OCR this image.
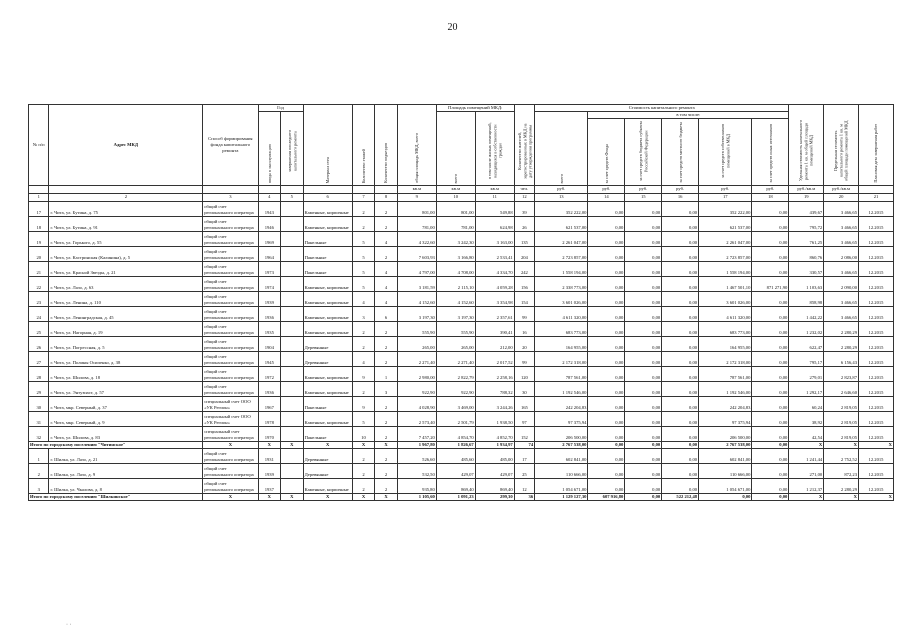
20
№ п/п	Адрес МКД	Способ формирования фонда капитального ремонта	Год		Материал стен	Количество этажей	Количество подъездов	общая площадь МКД, всего	Площадь помещений МКД:		Количество жителей, зарегистрированных в МКД на дату утверждения программы	Стоимость капитального ремонта						Удельная стоимость капитального ремонта 1 кв. м общей площади помещений МКД	Предельная стоимость капитального ремонта 1 кв. м общей площади помещений МКД	Плановая дата завершения работ
			ввода в эксплуатацию	завершения последнего капитального ремонта					всего	в том числе жилых помещений, находящихся в собственности граждан		всего	в том числе:							
													за счет средств Фонда	за счет средств бюджета субъекта Российской Федерации	за счет средств местного бюджета	за счет средств собственников помещений в МКД	за счет средств иных источников			
								кв.м	кв.м	кв.м	чел.	руб.	руб.	руб.	руб.	руб.	руб.	руб./кв.м	руб./кв.м	
1	2	3	4	5	6	7	8	9	10	11	12	13	14	15	16	17	18	19	20	21
17	г. Чита, ул. Бутина, д. 75	общий счет регионального оператора	1943		Каменные, кирпичные	2	2	801,00	801,00	549,88	39	352 222,00	0,00	0,00	0,00	352 222,00	0,00	439,67	3 466,65	12.2015
18	г. Чита, ул. Бутина, д. 91	общий счет регионального оператора	1946		Каменные, кирпичные	2	2	781,00	781,00	624,98	26	621 537,00	0,00	0,00	0,00	621 537,00	0,00	795,72	3 466,65	12.2015
19	г. Чита, ул. Горького, д. 55	общий счет регионального оператора	1969		Панельные	5	4	4 322,60	3 242,30	3 163,00	135	2 261 047,00	0,00	0,00	0,00	2 261 047,00	0,00	761,25	3 466,65	12.2015
20	г. Чита, ул. Кастринская (Калинина), д. 5	общий счет регионального оператора	1964		Панельные	5	2	7 603,93	3 166,80	2 533,41	204	2 723 857,00	0,00	0,00	0,00	2 723 857,00	0,00	860,76	2 086,00	12.2015
21	г. Чита, ул. Красной Звезды, д. 21	общий счет регионального оператора	1973		Панельные	5	4	4 797,00	4 708,00	4 334,70	242	1 558 194,00	0,00	0,00	0,00	1 558 194,00	0,00	330,57	3 466,65	12.2015
22	г. Чита, ул. Лазо, д. 63	общий счет регионального оператора	1974		Каменные, кирпичные	5	4	3 181,59	2 115,10	4 059,28	156	2 338 773,00	0,00	0,00	0,00	1 467 501,10	871 271,90	1 103,63	2 090,00	12.2015
23	г. Чита, ул. Ленина, д. 110	общий счет регионального оператора	1939		Каменные, кирпичные	4	4	4 152,60	4 152,60	3 354,98	154	3 601 026,00	0,00	0,00	0,00	3 601 026,00	0,00	858,98	3 466,65	12.2015
24	г. Чита, ул. Ленинградская, д. 45	общий счет регионального оператора	1936		Каменные, кирпичные	3	6	3 197,30	3 197,30	2 357,61	99	4 611 320,00	0,00	0,00	0,00	4 611 320,00	0,00	1 442,22	3 466,65	12.2015
25	г. Чита, ул. Нагорная, д. 19	общий счет регионального оператора	1935		Каменные, кирпичные	2	2	555,90	555,90	390,41	16	683 773,00	0,00	0,00	0,00	683 773,00	0,00	1 232,02	2 280,29	12.2015
26	г. Чита, ул. Погрессная, д. 5	общий счет регионального оператора	1904		Деревянные	2	2	265,00	265,00	212,00	20	164 955,00	0,00	0,00	0,00	164 955,00	0,00	622,47	2 280,29	12.2015
27	г. Чита, ул. Полины Осипенко, д. 38	общий счет регионального оператора	1945		Деревянные	4	2	2 271,40	2 271,40	2 017,52	99	2 172 318,00	0,00	0,00	0,00	2 172 318,00	0,00	795,17	6 156,43	12.2015
28	г. Чита, ул. Шилова, д. 18	общий счет регионального оператора	1972		Каменные, кирпичные	9	1	2 980,00	2 822,79	2 258,16	120	787 561,00	0,00	0,00	0,00	787 561,00	0,00	279,01	2 823,87	12.2015
29	г. Чита, ул. Энтузиаст, д. 57	общий счет регионального оператора	1936		Каменные, кирпичные	2	3	922,90	922,90	788,32	30	1 192 546,00	0,00	0,00	0,00	1 192 546,00	0,00	1 292,17	2 646,60	12.2015
30	г. Чита, мкр. Северный, д. 37	специальный счет ООО «УК Регион»	1967		Панельные	9	2	4 028,90	3 469,00	3 244,26	165	242 204,83	0,00	0,00	0,00	242 204,83	0,00	60,24	2 819,05	12.2015
31	г. Чита, мкр. Северный, д. 9	специальный счет ООО «УК Регион»	1978		Каменные, кирпичные	5	2	2 573,40	2 501,79	1 938,50	97	97 375,94	0,00	0,00	0,00	97 375,94	0,00	38,92	2 819,05	12.2015
32	г. Чита, ул. Шилова, д. 83	специальный счет регионального оператора	1970		Панельные	10	2	7 457,20	4 854,70	4 852,70	152	206 500,00	0,00	0,00	0,00	206 500,00	0,00	42,54	2 819,05	12.2015
Итого по городскому поселению "Читинское"		X	X	X	X	X	X	1 967,80	1 826,67	1 934,97	74	2 767 538,00	0,00	0,00	0,00	2 767 538,00	0,00	X	X	X
1	г. Шилка, ул. Лазо, д. 21	общий счет регионального оператора	1931		Деревянные	2	2	526,60	485,60	485,00	17	602 841,00	0,00	0,00	0,00	602 841,00	0,00	1 241,44	2 752,52	12.2015
2	г. Шилка, ул. Лазо, д. 9	общий счет регионального оператора	1939		Деревянные	2	2	532,50	429,07	429,07	25	110 666,00	0,00	0,00	0,00	110 666,00	0,00	271,00	872,23	12.2015
3	г. Шилка, ул. Чкалова, д. 8	общий счет регионального оператора	1937		Каменные, кирпичные	2	2	935,80	869,40	869,40	12	1 054 671,00	0,00	0,00	0,00	1 054 671,00	0,00	1 212,37	2 280,29	12.2015
Итого по городскому поселению "Шилкинское"		X	X	X	X	X	X	1 105,60	1 091,23	299,30	36	1 129 127,30	607 916,80	0,00	522 212,48	0,00	0,00	X	X	X
· ·
